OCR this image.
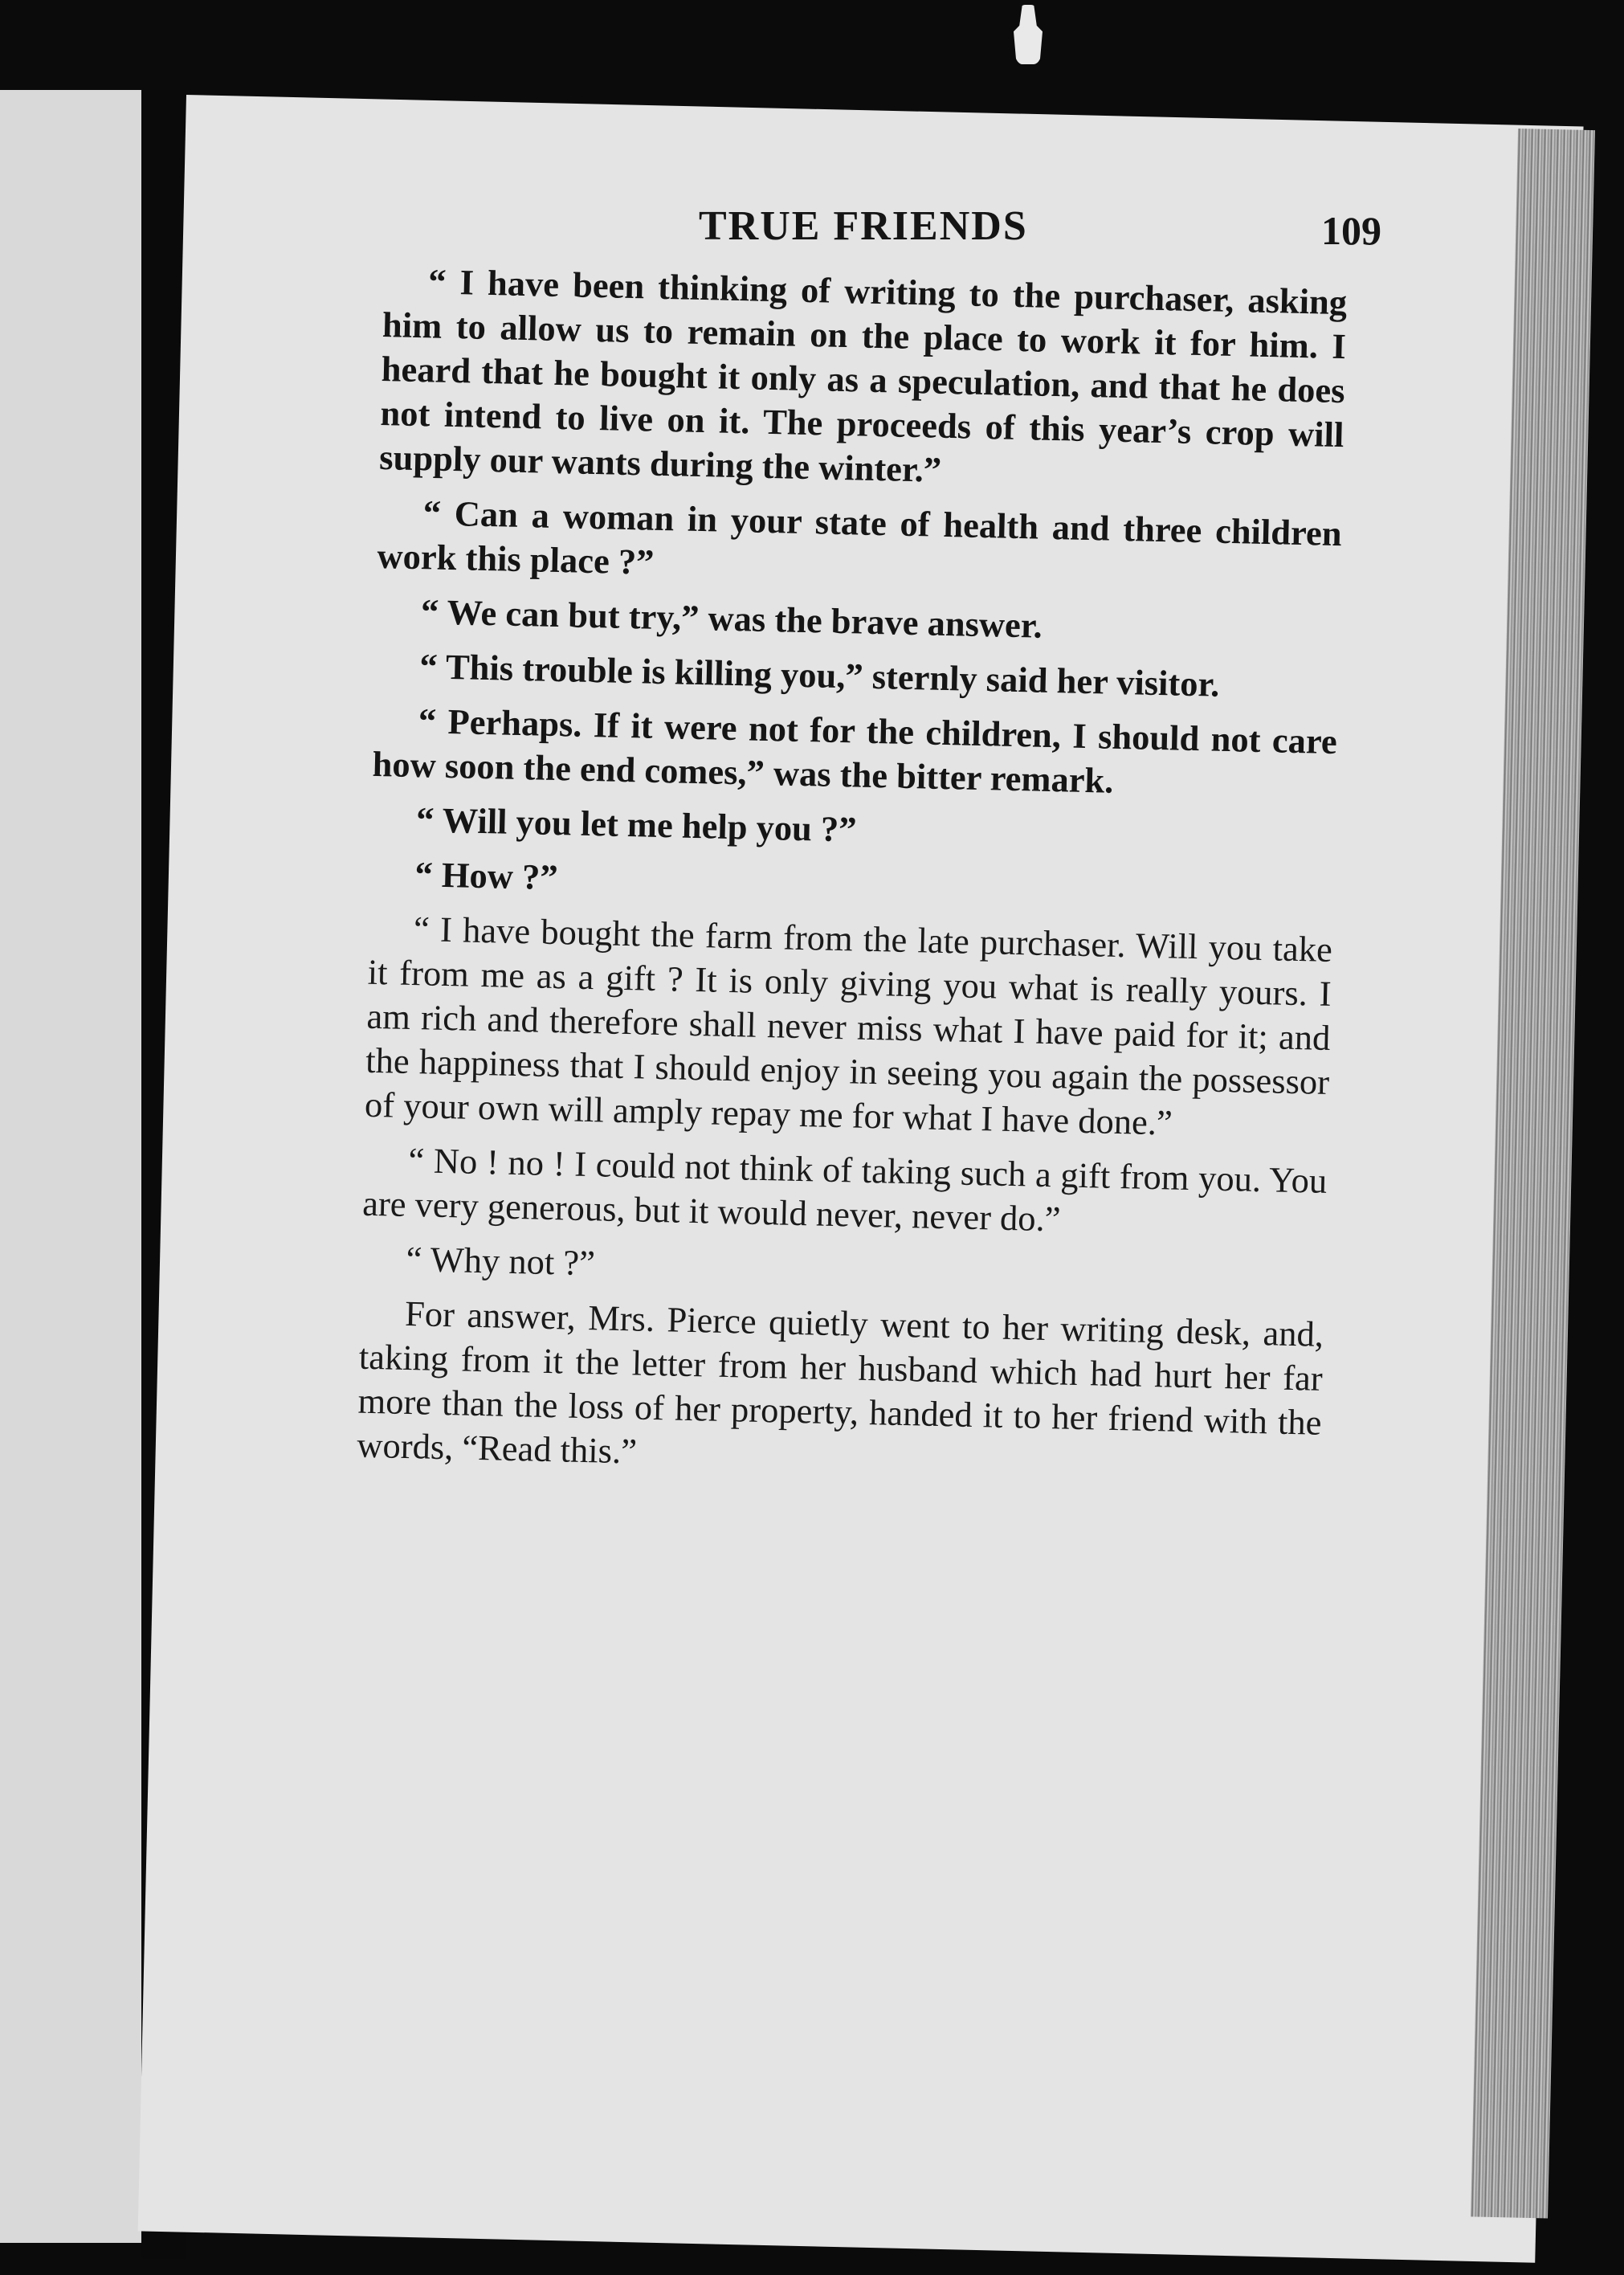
TRUE FRIENDS	109

“ I have been thinking of writing to the purchaser, asking him to allow us to remain on the place to work it for him. I heard that he bought it only as a speculation, and that he does not intend to live on it. The proceeds of this year’s crop will supply our wants during the winter.”

“ Can a woman in your state of health and three children work this place ?”

“ We can but try,” was the brave answer.

“ This trouble is killing you,” sternly said her visitor.

“ Perhaps. If it were not for the children, I should not care how soon the end comes,” was the bitter remark.

“ Will you let me help you ?”

“ How ?”

“ I have bought the farm from the late purchaser. Will you take it from me as a gift ? It is only giving you what is really yours. I am rich and therefore shall never miss what I have paid for it; and the happiness that I should enjoy in seeing you again the possessor of your own will amply repay me for what I have done.”

“ No ! no ! I could not think of taking such a gift from you. You are very generous, but it would never, never do.”

“ Why not ?”

For answer, Mrs. Pierce quietly went to her writing desk, and, taking from it the letter from her husband which had hurt her far more than the loss of her property, handed it to her friend with the words, “Read this.”
